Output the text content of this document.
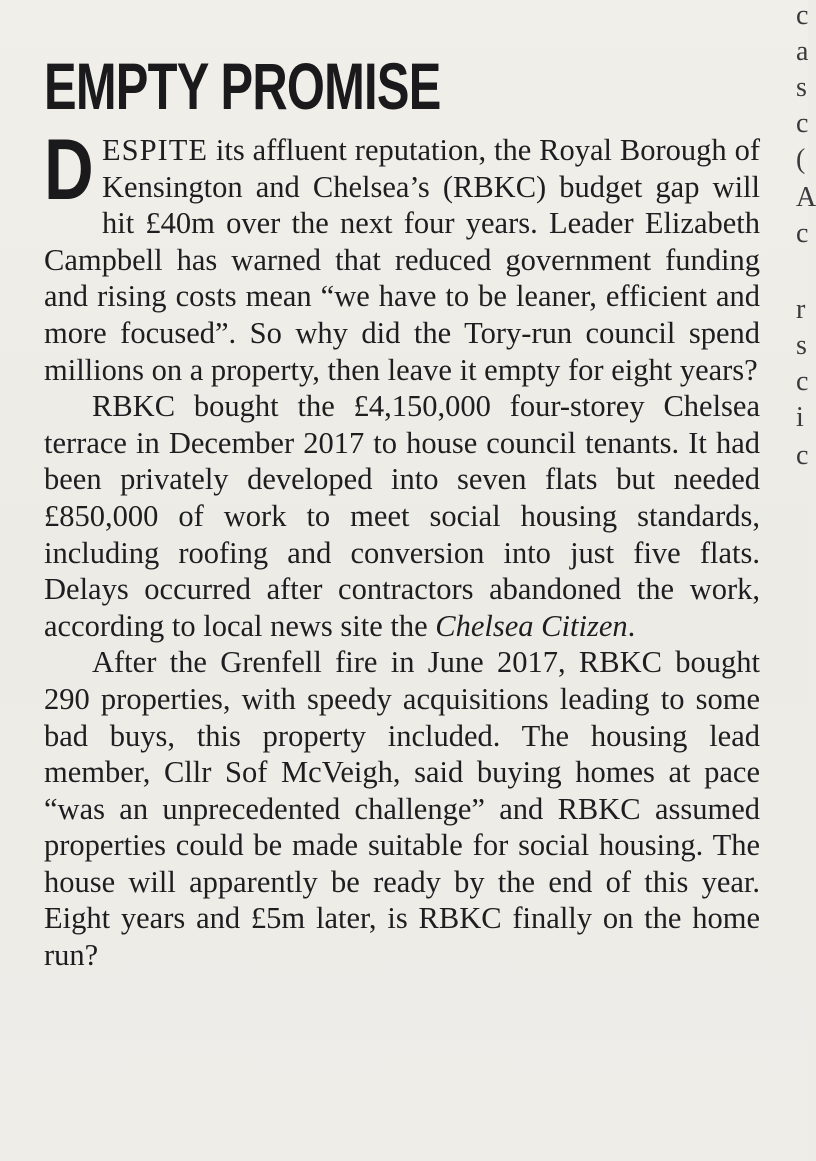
EMPTY PROMISE

DESPITE its affluent reputation, the Royal Borough of Kensington and Chelsea’s (RBKC) budget gap will hit £40m over the next four years. Leader Elizabeth Campbell has warned that reduced government funding and rising costs mean “we have to be leaner, efficient and more focused”. So why did the Tory-run council spend millions on a property, then leave it empty for eight years?

RBKC bought the £4,150,000 four-storey Chelsea terrace in December 2017 to house council tenants. It had been privately developed into seven flats but needed £850,000 of work to meet social housing standards, including roofing and conversion into just five flats. Delays occurred after contractors abandoned the work, according to local news site the Chelsea Citizen.

After the Grenfell fire in June 2017, RBKC bought 290 properties, with speedy acquisitions leading to some bad buys, this property included. The housing lead member, Cllr Sof McVeigh, said buying homes at pace “was an unprecedented challenge” and RBKC assumed properties could be made suitable for social housing. The house will apparently be ready by the end of this year. Eight years and £5m later, is RBKC finally on the home run?

c
a
s
c
(
A
c
r
s
c
i
c
